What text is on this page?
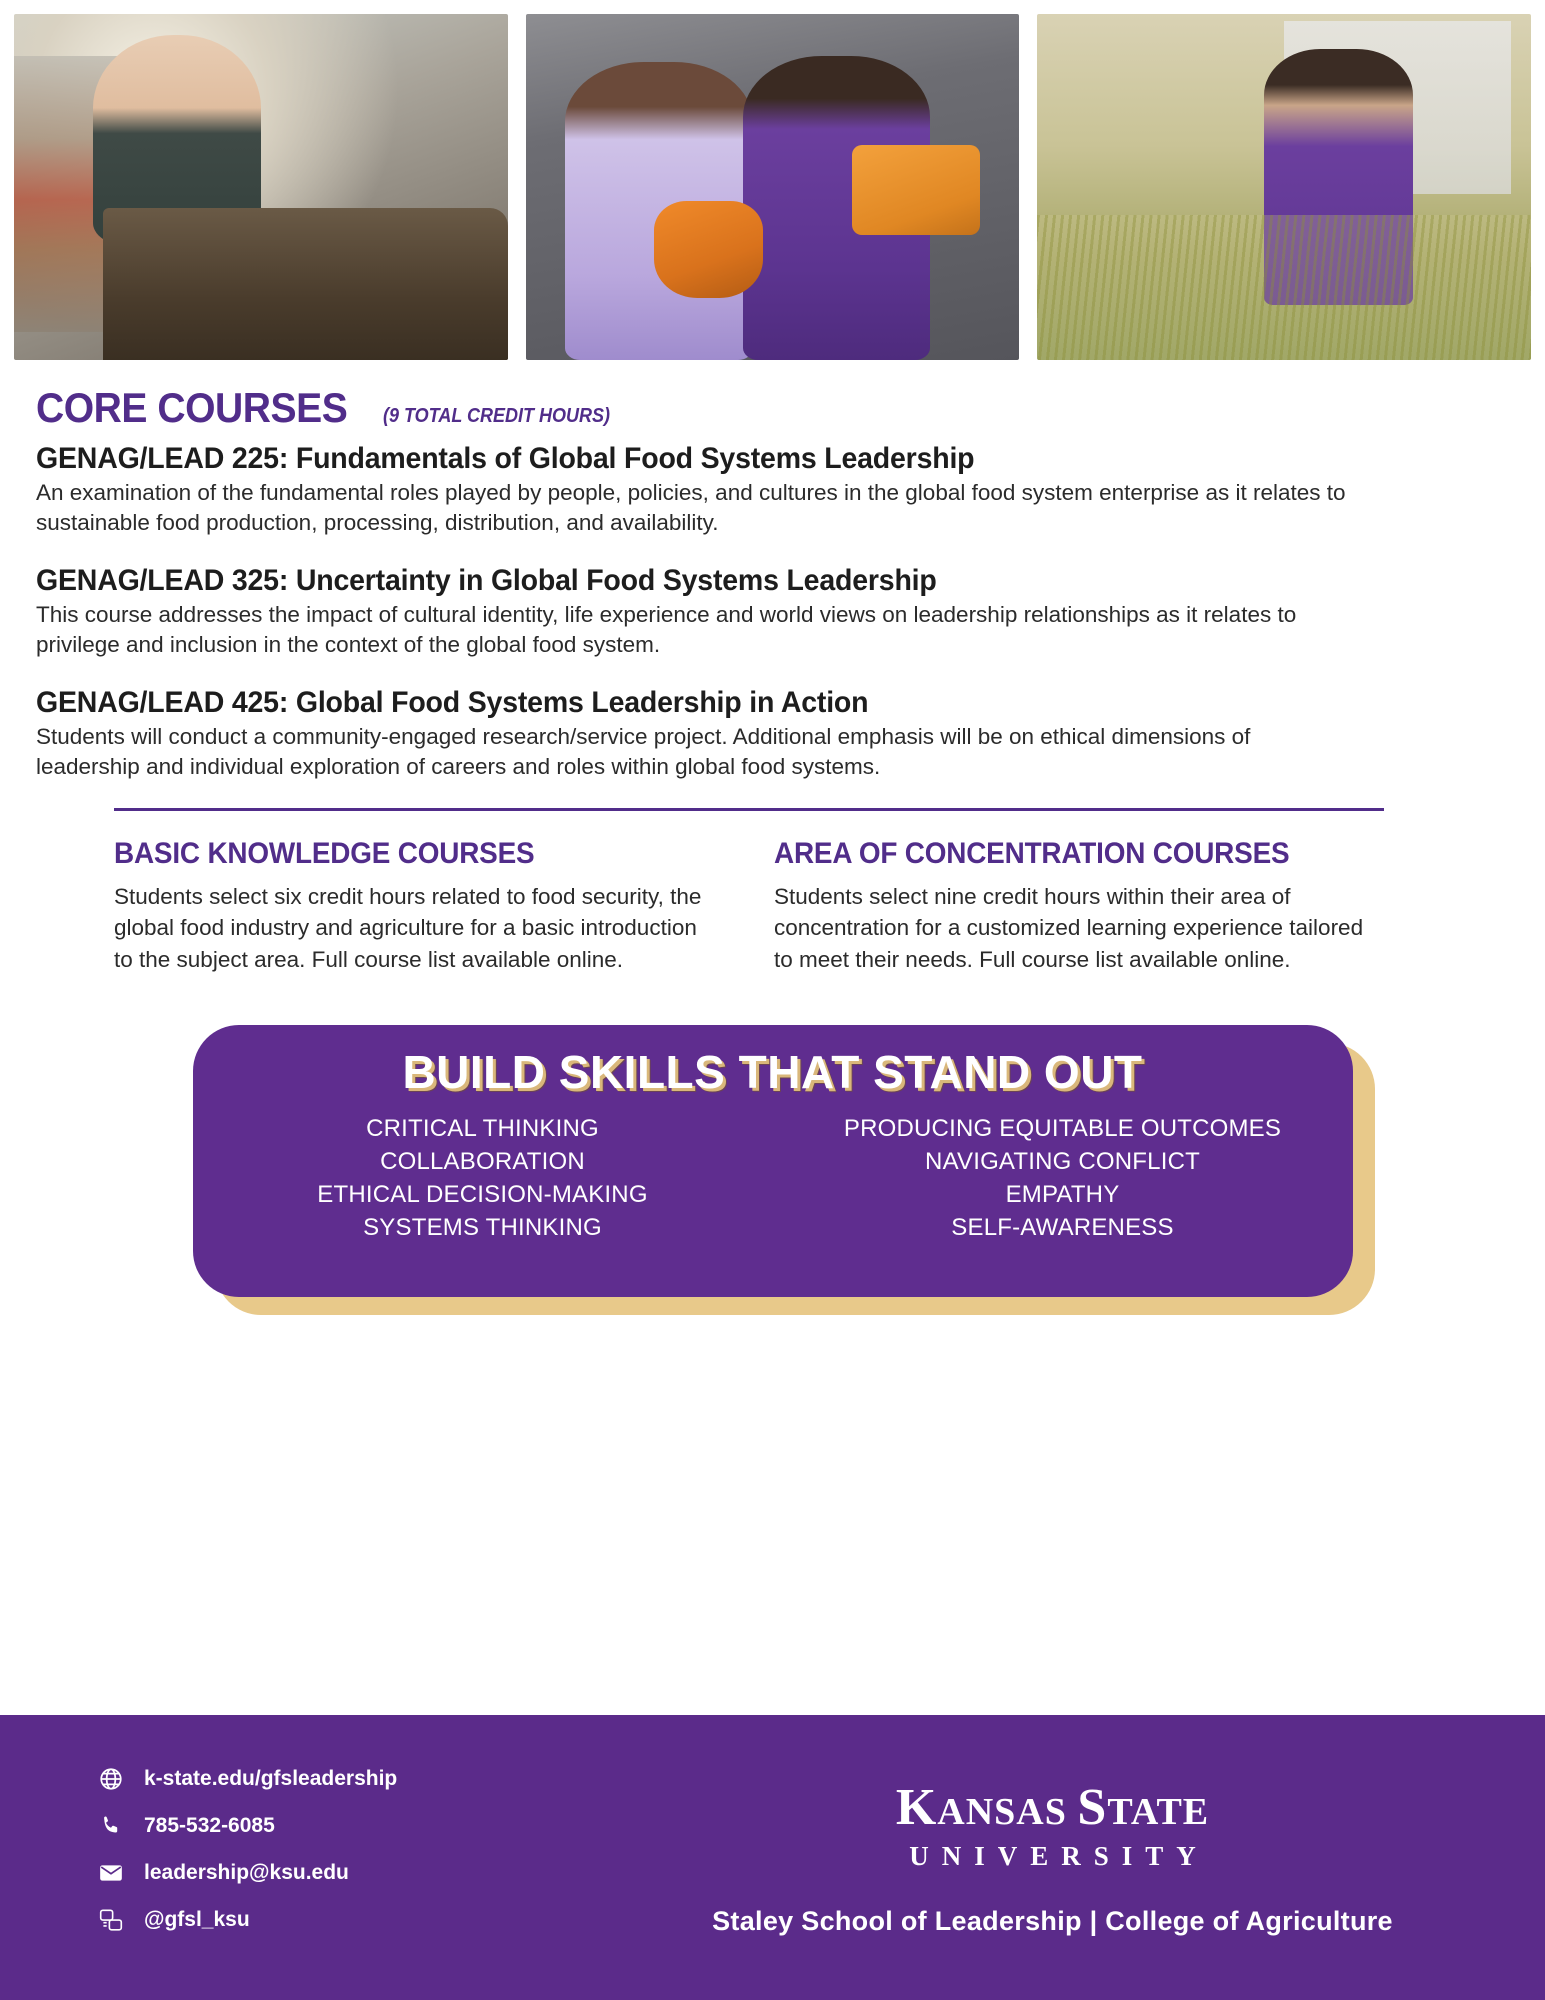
CORE COURSES (9 TOTAL CREDIT HOURS)
GENAG/LEAD 225: Fundamentals of Global Food Systems Leadership

An examination of the fundamental roles played by people, policies, and cultures in the global food system enterprise as it relates to sustainable food production, processing, distribution, and availability.

GENAG/LEAD 325: Uncertainty in Global Food Systems Leadership

This course addresses the impact of cultural identity, life experience and world views on leadership relationships as it relates to privilege and inclusion in the context of the global food system.

GENAG/LEAD 425: Global Food Systems Leadership in Action

Students will conduct a community-engaged research/service project. Additional emphasis will be on ethical dimensions of leadership and individual exploration of careers and roles within global food systems.

BASIC KNOWLEDGE COURSES

Students select six credit hours related to food security, the global food industry and agriculture for a basic introduction to the subject area. Full course list available online.

AREA OF CONCENTRATION COURSES

Students select nine credit hours within their area of concentration for a customized learning experience tailored to meet their needs. Full course list available online.

BUILD SKILLS THAT STAND OUT
CRITICAL THINKING
COLLABORATION
ETHICAL DECISION-MAKING
SYSTEMS THINKING
PRODUCING EQUITABLE OUTCOMES
NAVIGATING CONFLICT
EMPATHY
SELF-AWARENESS
k-state.edu/gfsleadership
785-532-6085
leadership@ksu.edu
@gfsl_ksu
KANSAS STATE
UNIVERSITY
Staley School of Leadership | College of Agriculture
